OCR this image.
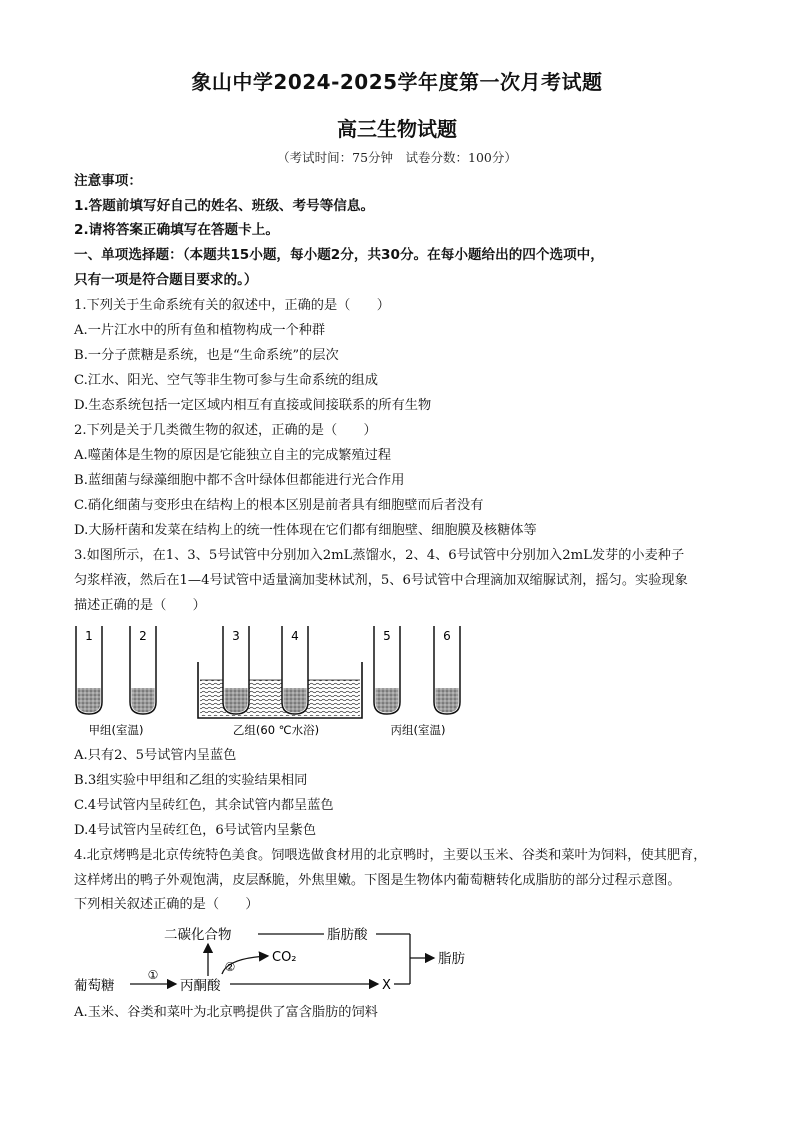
象山中学2024-2025学年度第一次月考试题
高三生物试题
（考试时间：75分钟　试卷分数：100分）
注意事项：
1.答题前填写好自己的姓名、班级、考号等信息。
2.请将答案正确填写在答题卡上。
一、单项选择题：（本题共15小题，每小题2分，共30分。在每小题给出的四个选项中，
只有一项是符合题目要求的。）
1.下列关于生命系统有关的叙述中，正确的是（　　）
A.一片江水中的所有鱼和植物构成一个种群
B.一分子蔗糖是系统，也是“生命系统”的层次
C.江水、阳光、空气等非生物可参与生命系统的组成
D.生态系统包括一定区域内相互有直接或间接联系的所有生物
2.下列是关于几类微生物的叙述，正确的是（　　）
A.噬菌体是生物的原因是它能独立自主的完成繁殖过程
B.蓝细菌与绿藻细胞中都不含叶绿体但都能进行光合作用
C.硝化细菌与变形虫在结构上的根本区别是前者具有细胞壁而后者没有
D.大肠杆菌和发菜在结构上的统一性体现在它们都有细胞壁、细胞膜及核糖体等
3.如图所示，在1、3、5号试管中分别加入2mL蒸馏水，2、4、6号试管中分别加入2mL发芽的小麦种子
匀浆样液，然后在1—4号试管中适量滴加斐林试剂，5、6号试管中合理滴加双缩脲试剂，摇匀。实验现象
描述正确的是（　　）
1	2	3	4	5	6
甲组(室温)	乙组(60 ℃水浴)	丙组(室温)
A.只有2、5号试管内呈蓝色
B.3组实验中甲组和乙组的实验结果相同
C.4号试管内呈砖红色，其余试管内都呈蓝色
D.4号试管内呈砖红色，6号试管内呈紫色
4.北京烤鸭是北京传统特色美食。饲喂选做食材用的北京鸭时，主要以玉米、谷类和菜叶为饲料，使其肥育，
这样烤出的鸭子外观饱满，皮层酥脆，外焦里嫩。下图是生物体内葡萄糖转化成脂肪的部分过程示意图。
下列相关叙述正确的是（　　）
二碳化合物	脂肪酸
脂肪
葡萄糖
①
丙酮酸	X
②
CO₂
A.玉米、谷类和菜叶为北京鸭提供了富含脂肪的饲料
